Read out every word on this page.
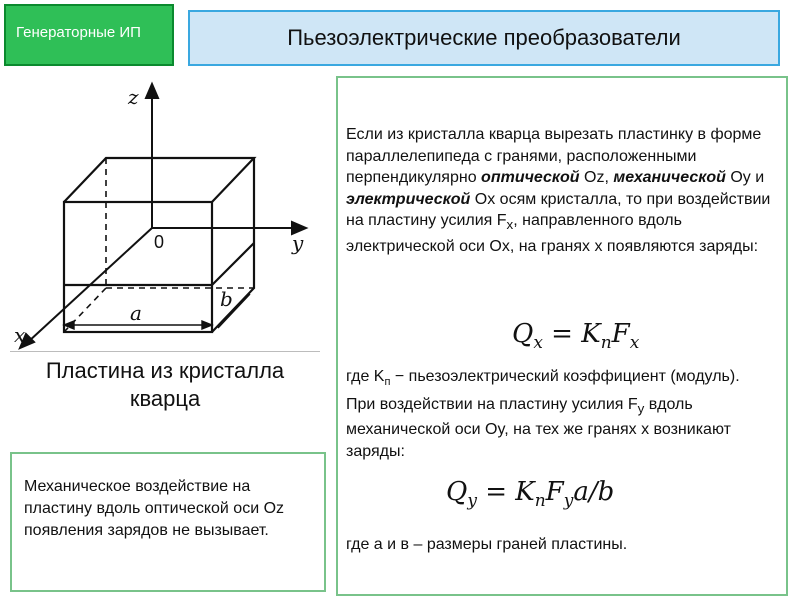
Генераторные ИП	Пьезоэлектрические преобразователи
z
y
x
a
b
0
Пластина из кристалла кварца
Механическое воздействие на пластину вдоль оптической оси Oz появления зарядов не вызывает.

Если из кристалла кварца вырезать пластинку в форме параллелепипеда с гранями, расположенными перпендикулярно оптической Oz, механической Oy и электрической Ox осям кристалла, то при воздействии на пластину усилия $F_x$, направленного вдоль электрической оси Ox, на гранях x появляются заряды:

$Q_x = K_nF_x$

где $K_п$ − пьезоэлектрический коэффициент (модуль).
При воздействии на пластину усилия $F_y$ вдоль механической оси Oy, на тех же гранях x возникают заряды:

$Q_y = K_nF_ya/b$

где a и в – размеры граней пластины.
